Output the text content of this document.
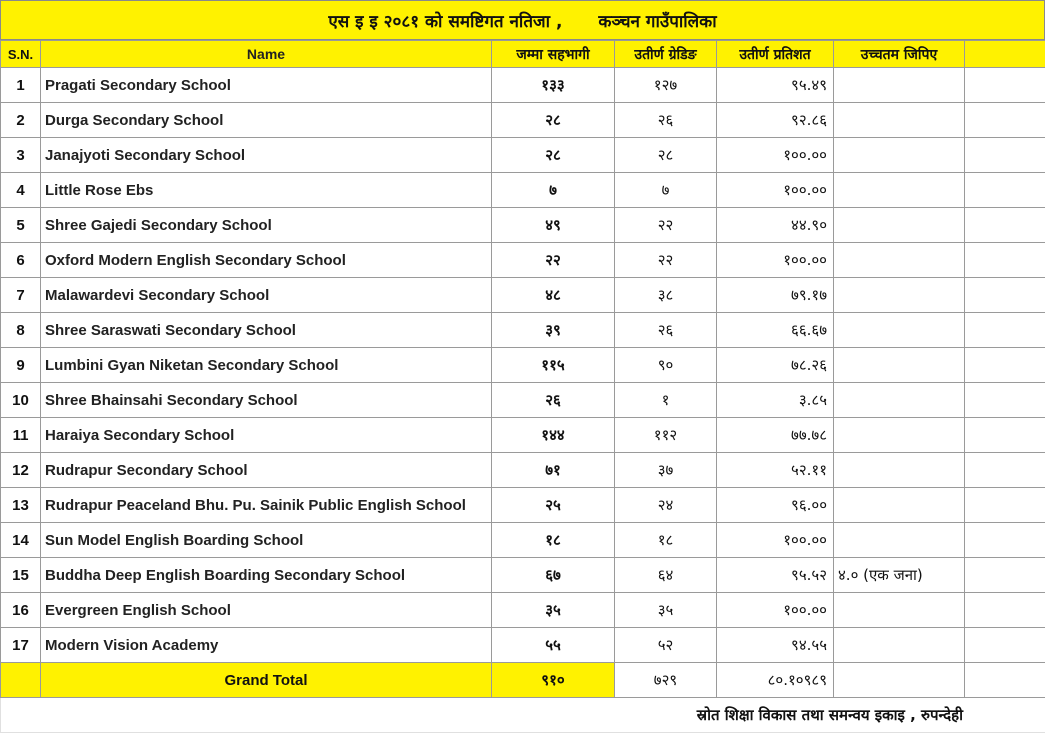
एस इ इ २०८१ को समष्टिगत नतिजा , कञ्चन गाउँपालिका
S.N.	Name	जम्मा सहभागी	उतीर्ण ग्रेडिङ	उतीर्ण प्रतिशत	उच्चतम जिपिए	
1	Pragati Secondary School	१३३	१२७	९५.४९		
2	Durga Secondary School	२८	२६	९२.८६		
3	Janajyoti Secondary School	२८	२८	१००.००		
4	Little Rose Ebs	७	७	१००.००		
5	Shree Gajedi Secondary School	४९	२२	४४.९०		
6	Oxford Modern English Secondary School	२२	२२	१००.००		
7	Malawardevi Secondary School	४८	३८	७९.१७		
8	Shree Saraswati Secondary School	३९	२६	६६.६७		
9	Lumbini Gyan Niketan Secondary School	११५	९०	७८.२६		
10	Shree Bhainsahi Secondary School	२६	१	३.८५		
11	Haraiya Secondary School	१४४	११२	७७.७८		
12	Rudrapur Secondary School	७१	३७	५२.११		
13	Rudrapur Peaceland Bhu. Pu. Sainik Public English School	२५	२४	९६.००		
14	Sun Model English Boarding School	१८	१८	१००.००		
15	Buddha Deep English Boarding Secondary School	६७	६४	९५.५२	४.० (एक जना)	
16	Evergreen English School	३५	३५	१००.००		
17	Modern Vision Academy	५५	५२	९४.५५		
	Grand Total	९१०	७२९	८०.१०९८९		
स्रोत शिक्षा विकास तथा समन्वय इकाइ , रुपन्देही						
